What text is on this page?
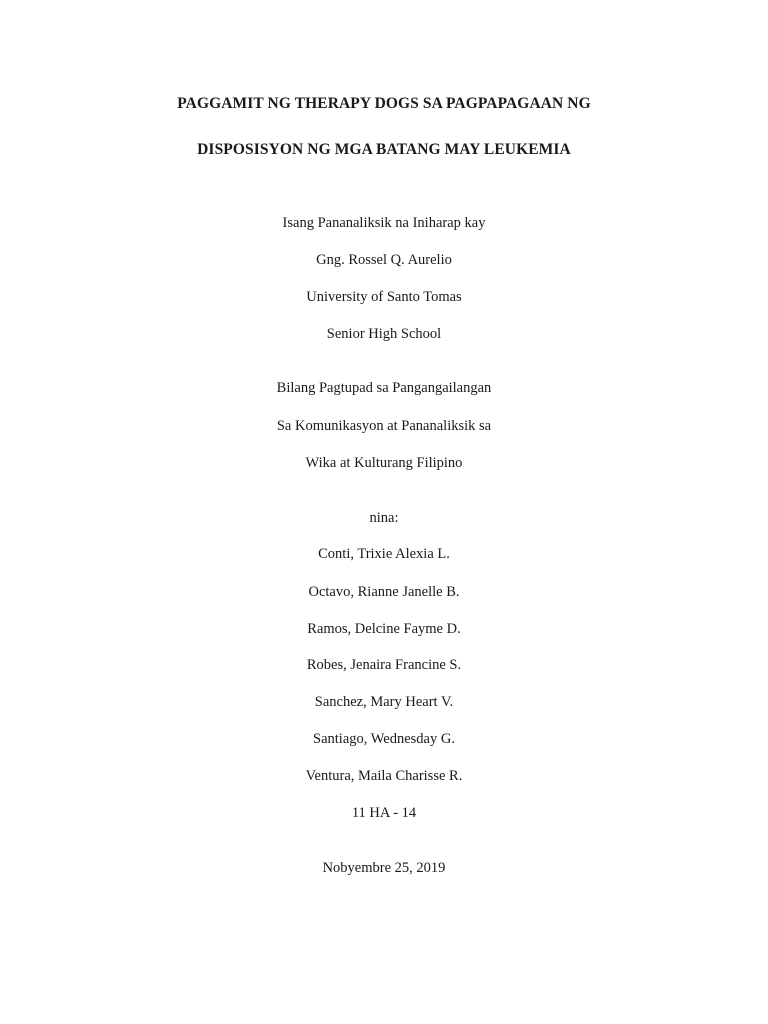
PAGGAMIT NG THERAPY DOGS SA PAGPAPAGAAN NG
DISPOSISYON NG MGA BATANG MAY LEUKEMIA
Isang Pananaliksik na Iniharap kay
Gng. Rossel Q. Aurelio
University of Santo Tomas
Senior High School
Bilang Pagtupad sa Pangangailangan
Sa Komunikasyon at Pananaliksik sa
Wika at Kulturang Filipino
nina:
Conti, Trixie Alexia L.
Octavo, Rianne Janelle B.
Ramos, Delcine Fayme D.
Robes, Jenaira Francine S.
Sanchez, Mary Heart V.
Santiago, Wednesday G.
Ventura, Maila Charisse R.
11 HA - 14
Nobyembre 25, 2019
